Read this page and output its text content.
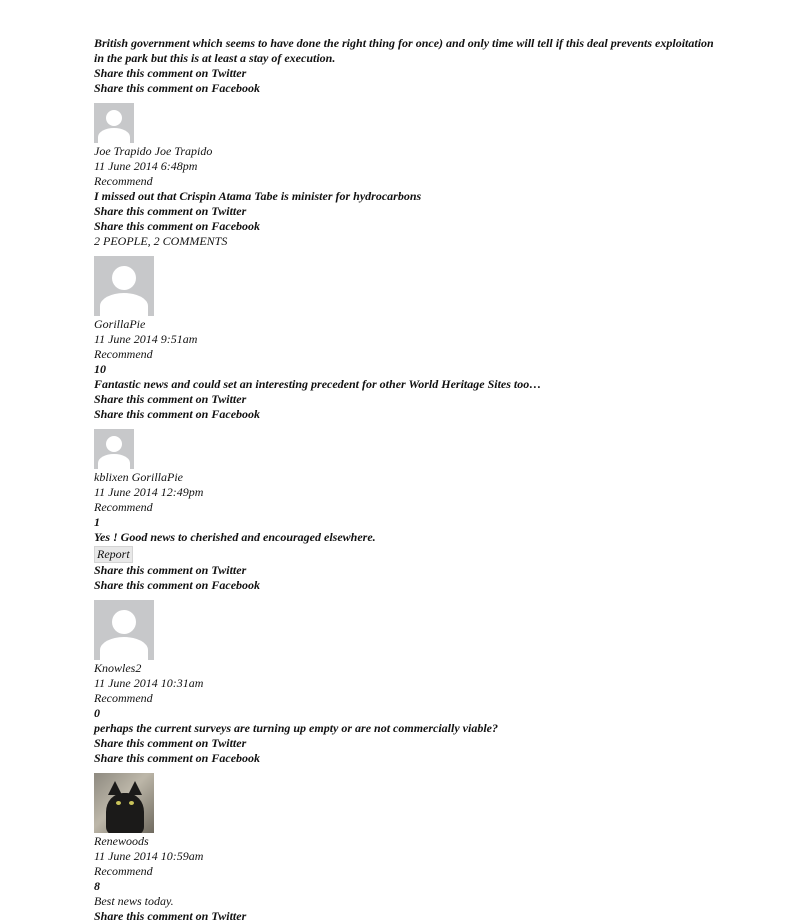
British government which seems to have done the right thing for once) and only time will tell if this deal prevents exploitation in the park but this is at least a stay of execution.
Share this comment on Twitter
Share this comment on Facebook
Joe Trapido Joe Trapido
11 June 2014 6:48pm
Recommend
I missed out that Crispin Atama Tabe is minister for hydrocarbons
Share this comment on Twitter
Share this comment on Facebook
2 PEOPLE, 2 COMMENTS
GorillaPie
11 June 2014 9:51am
Recommend
10
Fantastic news and could set an interesting precedent for other World Heritage Sites too…
Share this comment on Twitter
Share this comment on Facebook
kblixen GorillaPie
11 June 2014 12:49pm
Recommend
1
Yes ! Good news to cherished and encouraged elsewhere.
Report
Share this comment on Twitter
Share this comment on Facebook
Knowles2
11 June 2014 10:31am
Recommend
0
perhaps the current surveys are turning up empty or are not commercially viable?
Share this comment on Twitter
Share this comment on Facebook
Renewoods
11 June 2014 10:59am
Recommend
8
Best news today.
Share this comment on Twitter
